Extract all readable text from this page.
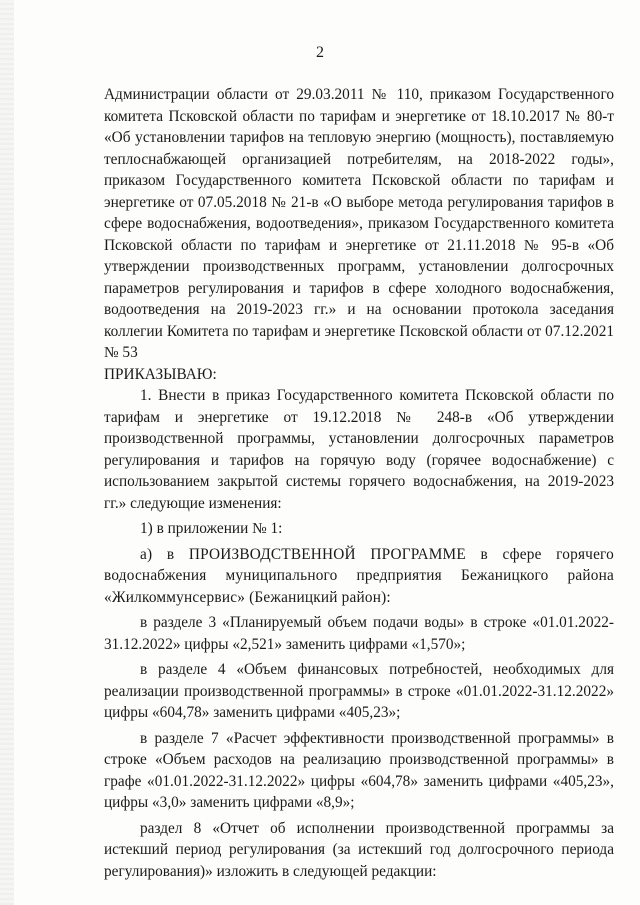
2

Администрации области от 29.03.2011 № 110, приказом Государственного комитета Псковской области по тарифам и энергетике от 18.10.2017 № 80-т «Об установлении тарифов на тепловую энергию (мощность), поставляемую теплоснабжающей организацией потребителям, на 2018-2022 годы», приказом Государственного комитета Псковской области по тарифам и энергетике от 07.05.2018 № 21-в «О выборе метода регулирования тарифов в сфере водоснабжения, водоотведения», приказом Государственного комитета Псковской области по тарифам и энергетике от 21.11.2018 № 95-в «Об утверждении производственных программ, установлении долгосрочных параметров регулирования и тарифов в сфере холодного водоснабжения, водоотведения на 2019-2023 гг.» и на основании протокола заседания коллегии Комитета по тарифам и энергетике Псковской области от 07.12.2021 № 53

ПРИКАЗЫВАЮ:

1. Внести в приказ Государственного комитета Псковской области по тарифам и энергетике от 19.12.2018 № 248-в «Об утверждении производственной программы, установлении долгосрочных параметров регулирования и тарифов на горячую воду (горячее водоснабжение) с использованием закрытой системы горячего водоснабжения, на 2019-2023 гг.» следующие изменения:

1) в приложении № 1:

а) в ПРОИЗВОДСТВЕННОЙ ПРОГРАММЕ в сфере горячего водоснабжения муниципального предприятия Бежаницкого района «Жилкоммунсервис» (Бежаницкий район):

в разделе 3 «Планируемый объем подачи воды» в строке «01.01.2022-31.12.2022» цифры «2,521» заменить цифрами «1,570»;

в разделе 4 «Объем финансовых потребностей, необходимых для реализации производственной программы» в строке «01.01.2022-31.12.2022» цифры «604,78» заменить цифрами «405,23»;

в разделе 7 «Расчет эффективности производственной программы» в строке «Объем расходов на реализацию производственной программы» в графе «01.01.2022-31.12.2022» цифры «604,78» заменить цифрами «405,23», цифры «3,0» заменить цифрами «8,9»;

раздел 8 «Отчет об исполнении производственной программы за истекший период регулирования (за истекший год долгосрочного периода регулирования)» изложить в следующей редакции:
